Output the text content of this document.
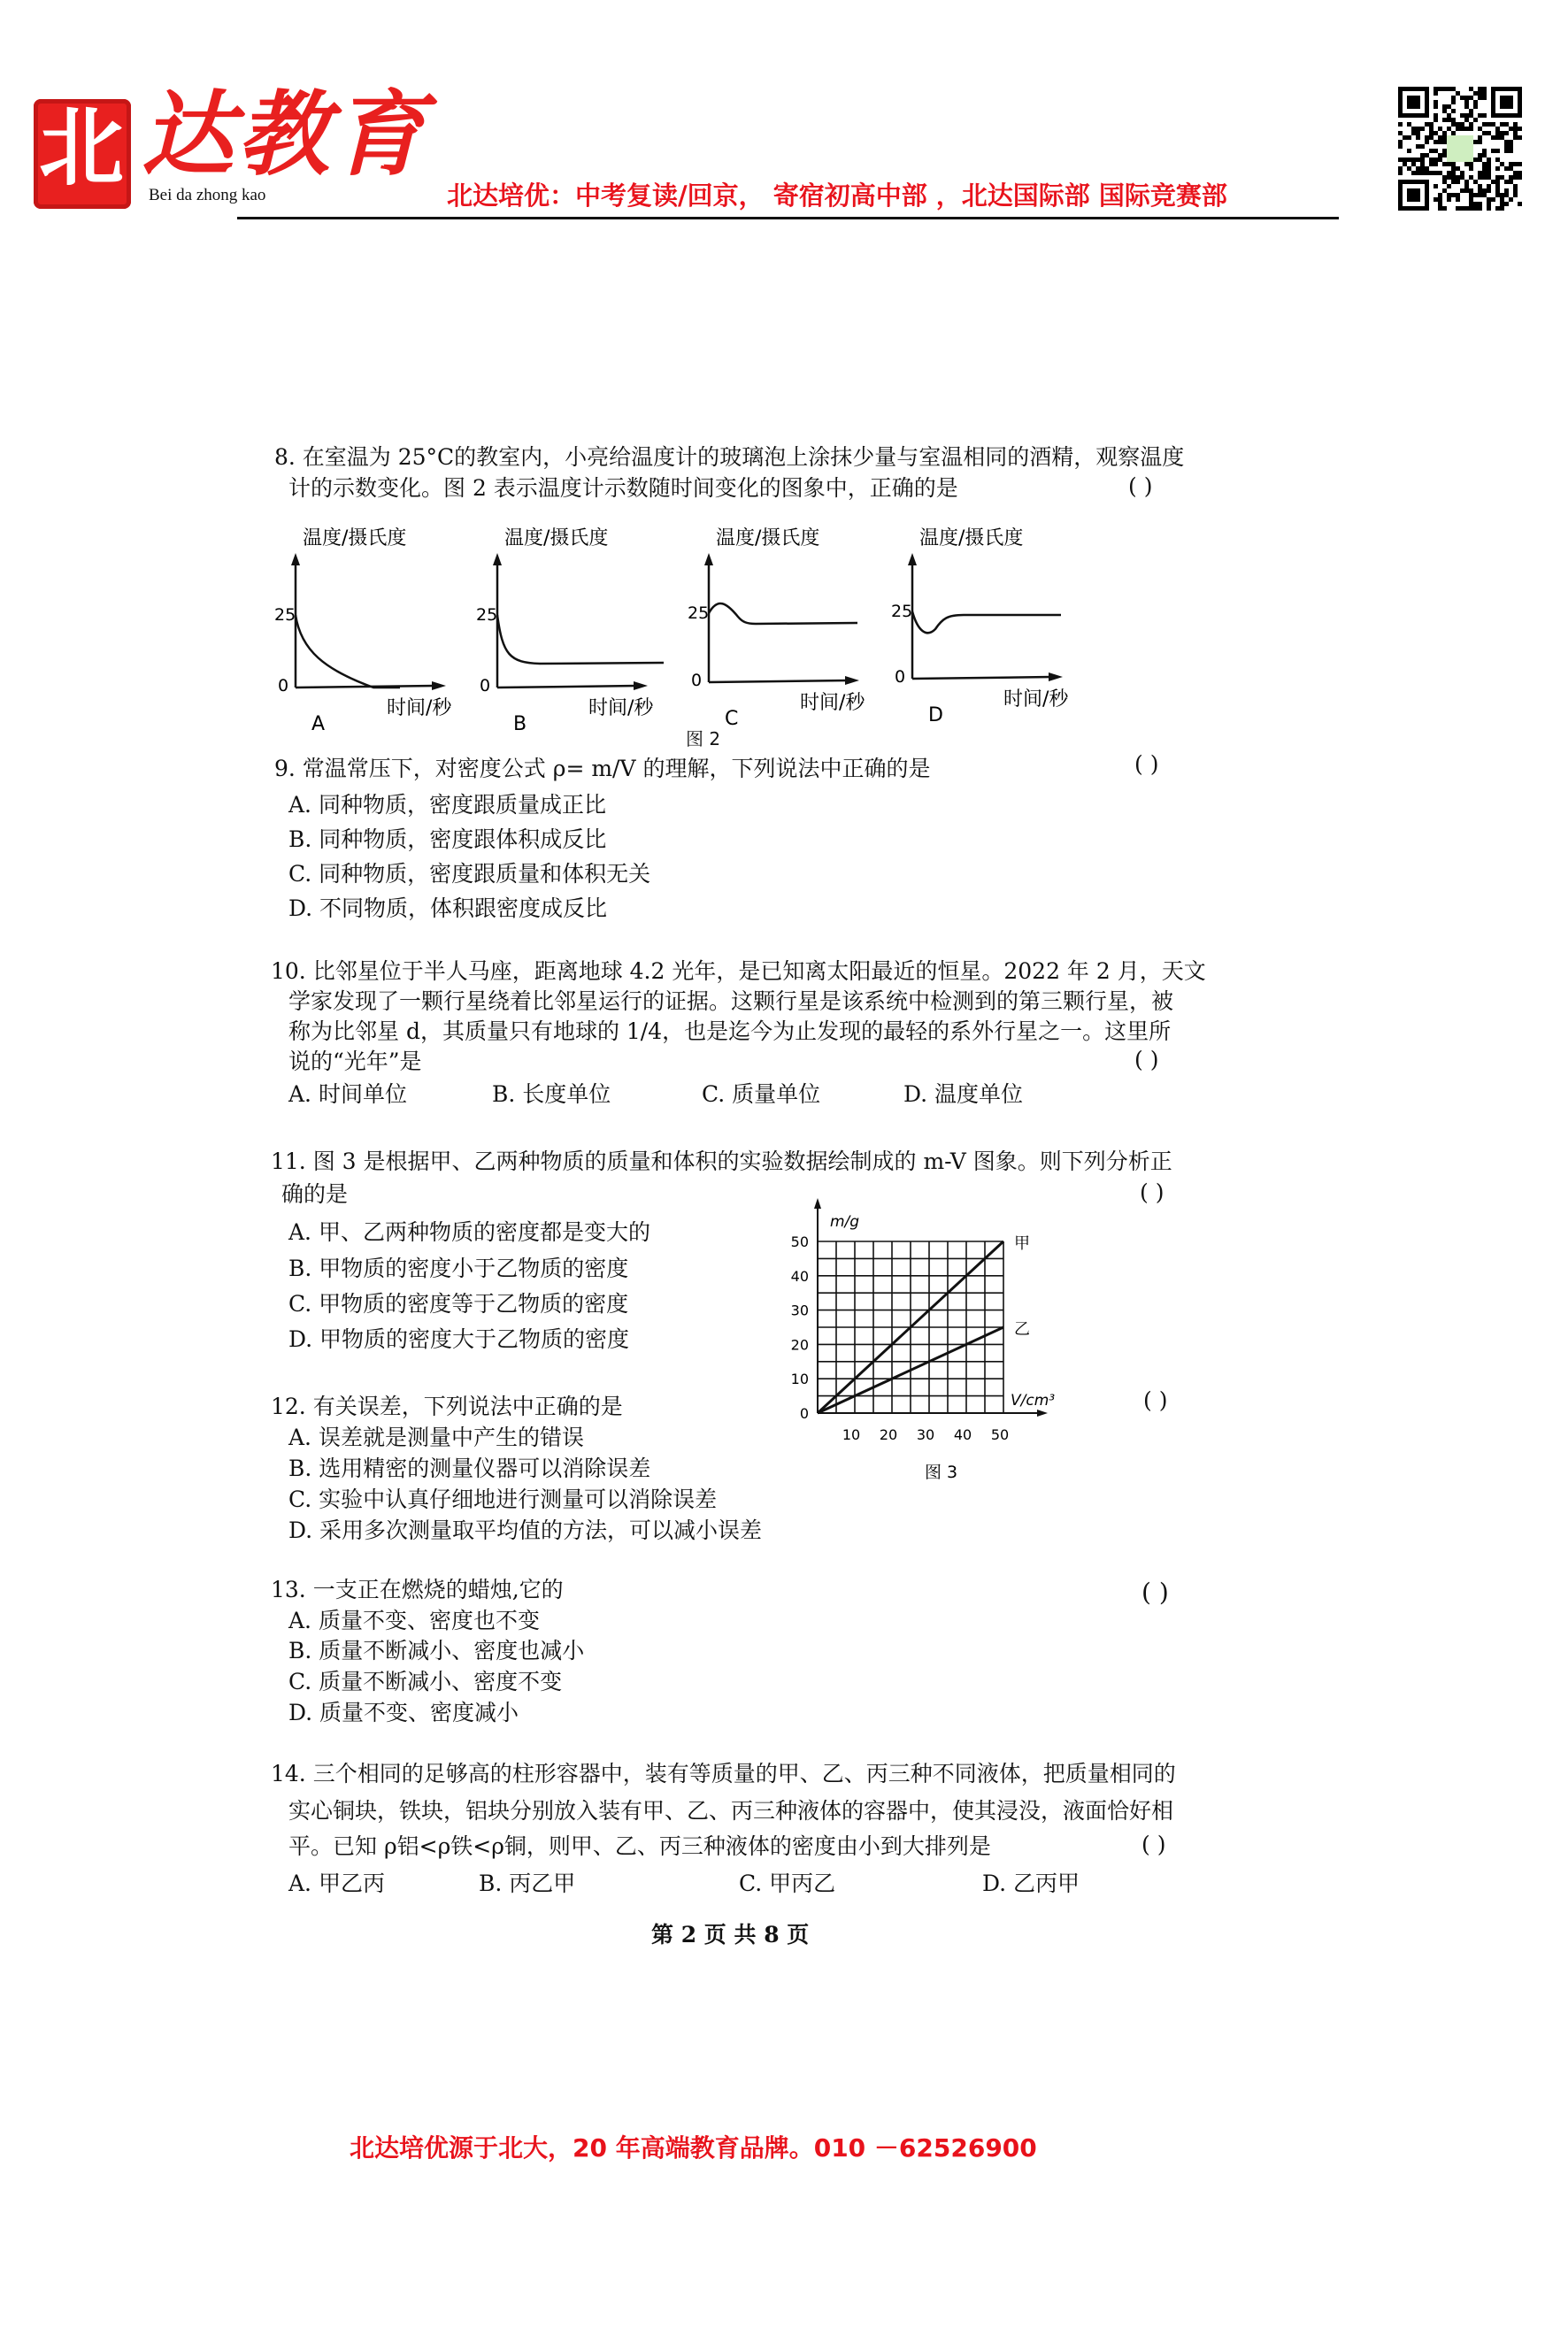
北 达教育
Bei da zhong kao	北达培优：中考复读/回京， 寄宿初高中部 ，北达国际部 国际竞赛部
8. 在室温为 25°C的教室内，小亮给温度计的玻璃泡上涂抹少量与室温相同的酒精，观察温度
计的示数变化。图 2 表示温度计示数随时间变化的图象中，正确的是	( )
温度/摄氏度
25
0
时间/秒
A
温度/摄氏度
25
0
时间/秒
B
温度/摄氏度
25
0
时间/秒
C
温度/摄氏度
25
0
时间/秒
D
图 2
9. 常温常压下，对密度公式 ρ= m/V 的理解，下列说法中正确的是	( )
A. 同种物质，密度跟质量成正比
B. 同种物质，密度跟体积成反比
C. 同种物质，密度跟质量和体积无关
D. 不同物质，体积跟密度成反比
10. 比邻星位于半人马座，距离地球 4.2 光年，是已知离太阳最近的恒星。2022 年 2 月，天文
学家发现了一颗行星绕着比邻星运行的证据。这颗行星是该系统中检测到的第三颗行星，被
称为比邻星 d，其质量只有地球的 1/4，也是迄今为止发现的最轻的系外行星之一。这里所
说的“光年”是	( )
A. 时间单位	B. 长度单位	C. 质量单位	D. 温度单位
11. 图 3 是根据甲、乙两种物质的质量和体积的实验数据绘制成的 m-V 图象。则下列分析正
确的是	( )
A. 甲、乙两种物质的密度都是变大的
B. 甲物质的密度小于乙物质的密度
C. 甲物质的密度等于乙物质的密度
D. 甲物质的密度大于乙物质的密度
m/g
V/cm³
0
10
20
30
40
50
10 20 30 40 50
甲
乙
图 3
12. 有关误差，下列说法中正确的是	( )
A. 误差就是测量中产生的错误
B. 选用精密的测量仪器可以消除误差
C. 实验中认真仔细地进行测量可以消除误差
D. 采用多次测量取平均值的方法，可以减小误差
13. 一支正在燃烧的蜡烛,它的	( )
A. 质量不变、密度也不变
B. 质量不断减小、密度也减小
C. 质量不断减小、密度不变
D. 质量不变、密度减小
14. 三个相同的足够高的柱形容器中，装有等质量的甲、乙、丙三种不同液体，把质量相同的
实心铜块，铁块，铝块分别放入装有甲、乙、丙三种液体的容器中，使其浸没，液面恰好相
平。已知 ρ铝<ρ铁<ρ铜，则甲、乙、丙三种液体的密度由小到大排列是	( )
A. 甲乙丙	B. 丙乙甲	C. 甲丙乙	D. 乙丙甲
第 2 页 共 8 页
北达培优源于北大，20 年高端教育品牌。010 －62526900
